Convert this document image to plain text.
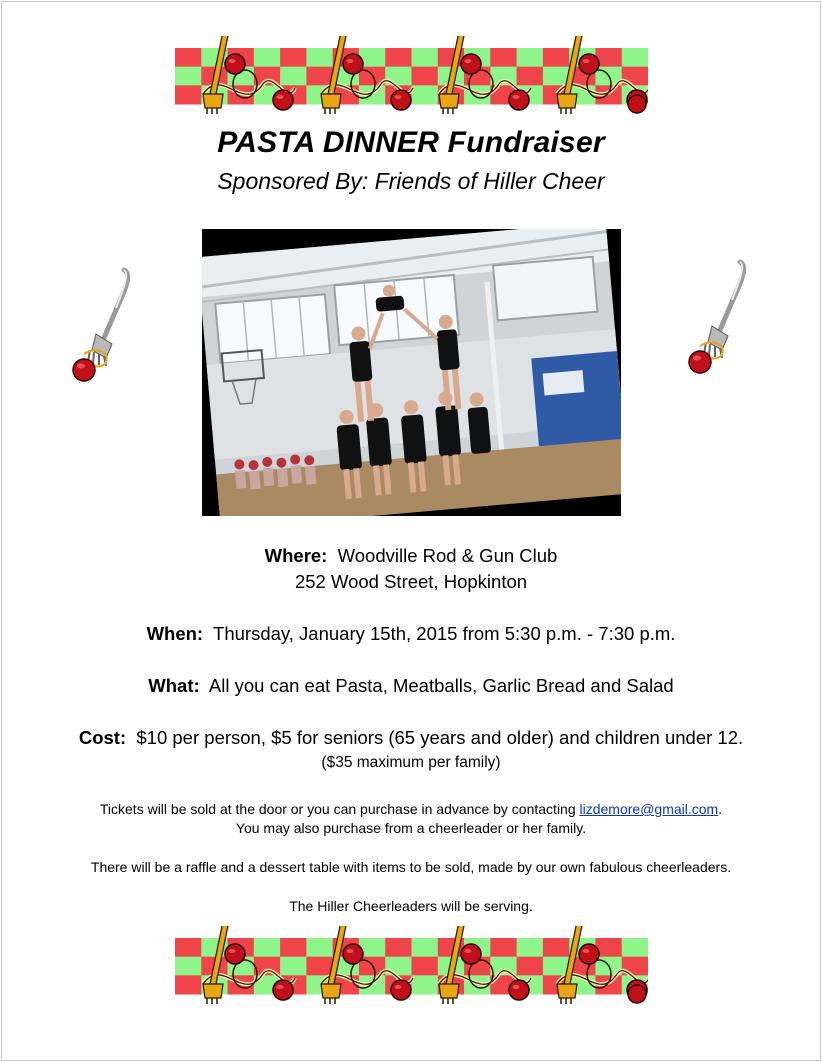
PASTA DINNER Fundraiser
Sponsored By: Friends of Hiller Cheer
Where: Woodville Rod & Gun Club
252 Wood Street, Hopkinton
When: Thursday, January 15th, 2015 from 5:30 p.m. - 7:30 p.m.
What: All you can eat Pasta, Meatballs, Garlic Bread and Salad
Cost: $10 per person, $5 for seniors (65 years and older) and children under 12.
($35 maximum per family)
Tickets will be sold at the door or you can purchase in advance by contacting lizdemore@gmail.com.
You may also purchase from a cheerleader or her family.
There will be a raffle and a dessert table with items to be sold, made by our own fabulous cheerleaders.
The Hiller Cheerleaders will be serving.
